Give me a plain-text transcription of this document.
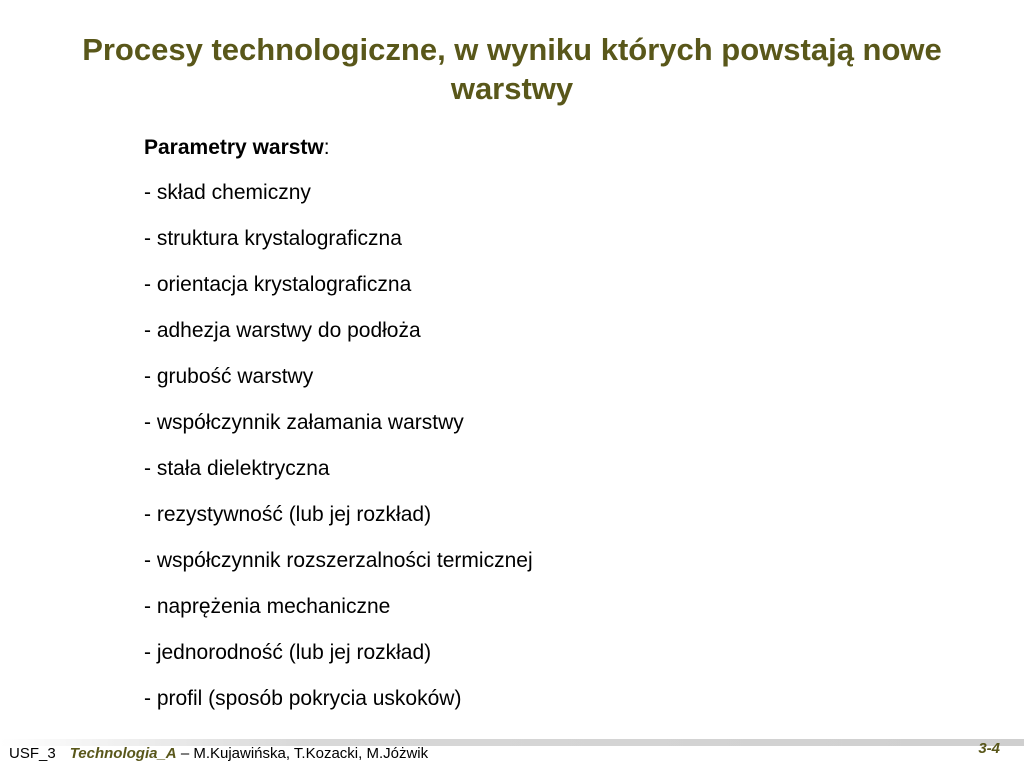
Procesy technologiczne, w wyniku których powstają nowe
warstwy
Parametry warstw:
- skład chemiczny
- struktura krystalograficzna
- orientacja krystalograficzna
- adhezja warstwy do podłoża
- grubość warstwy
- współczynnik załamania warstwy
- stała dielektryczna
- rezystywność (lub jej rozkład)
- współczynnik rozszerzalności termicznej
- naprężenia mechaniczne
- jednorodność (lub jej rozkład)
- profil (sposób pokrycia uskoków)
USF_3 Technologia_A – M.Kujawińska, T.Kozacki, M.Jóżwik	3-4
